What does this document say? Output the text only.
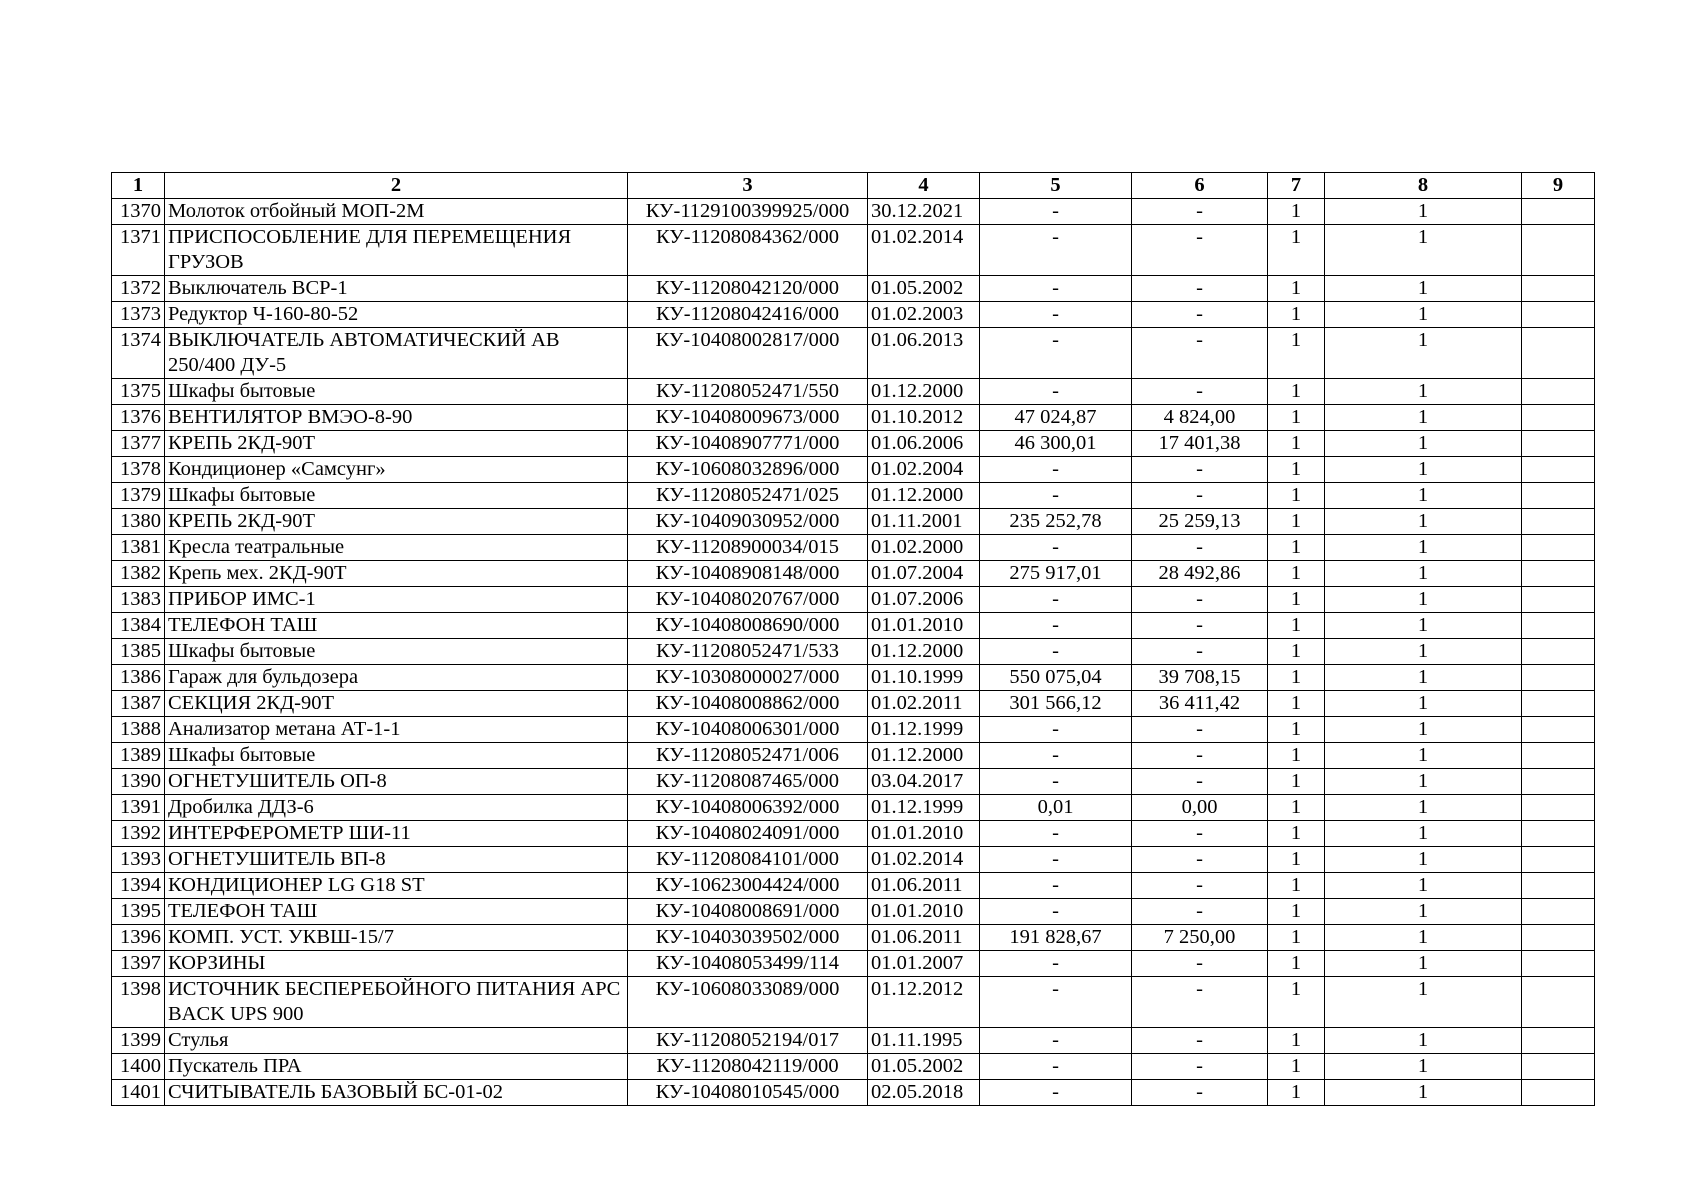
1	2	3	4	5	6	7	8	9
1370	Молоток отбойный МОП-2М	КУ-1129100399925/000	30.12.2021	-	-	1	1	
1371	ПРИСПОСОБЛЕНИЕ ДЛЯ ПЕРЕМЕЩЕНИЯ ГРУЗОВ	КУ-11208084362/000	01.02.2014	-	-	1	1	
1372	Выключатель ВСР-1	КУ-11208042120/000	01.05.2002	-	-	1	1	
1373	Редуктор Ч-160-80-52	КУ-11208042416/000	01.02.2003	-	-	1	1	
1374	ВЫКЛЮЧАТЕЛЬ АВТОМАТИЧЕСКИЙ АВ 250/400 ДУ-5	КУ-10408002817/000	01.06.2013	-	-	1	1	
1375	Шкафы бытовые	КУ-11208052471/550	01.12.2000	-	-	1	1	
1376	ВЕНТИЛЯТОР ВМЭО-8-90	КУ-10408009673/000	01.10.2012	47 024,87	4 824,00	1	1	
1377	КРЕПЬ 2КД-90Т	КУ-10408907771/000	01.06.2006	46 300,01	17 401,38	1	1	
1378	Кондиционер «Самсунг»	КУ-10608032896/000	01.02.2004	-	-	1	1	
1379	Шкафы бытовые	КУ-11208052471/025	01.12.2000	-	-	1	1	
1380	КРЕПЬ 2КД-90Т	КУ-10409030952/000	01.11.2001	235 252,78	25 259,13	1	1	
1381	Кресла театральные	КУ-11208900034/015	01.02.2000	-	-	1	1	
1382	Крепь мех. 2КД-90Т	КУ-10408908148/000	01.07.2004	275 917,01	28 492,86	1	1	
1383	ПРИБОР ИМС-1	КУ-10408020767/000	01.07.2006	-	-	1	1	
1384	ТЕЛЕФОН ТАШ	КУ-10408008690/000	01.01.2010	-	-	1	1	
1385	Шкафы бытовые	КУ-11208052471/533	01.12.2000	-	-	1	1	
1386	Гараж для бульдозера	КУ-10308000027/000	01.10.1999	550 075,04	39 708,15	1	1	
1387	СЕКЦИЯ 2КД-90Т	КУ-10408008862/000	01.02.2011	301 566,12	36 411,42	1	1	
1388	Анализатор метана АТ-1-1	КУ-10408006301/000	01.12.1999	-	-	1	1	
1389	Шкафы бытовые	КУ-11208052471/006	01.12.2000	-	-	1	1	
1390	ОГНЕТУШИТЕЛЬ ОП-8	КУ-11208087465/000	03.04.2017	-	-	1	1	
1391	Дробилка ДДЗ-6	КУ-10408006392/000	01.12.1999	0,01	0,00	1	1	
1392	ИНТЕРФЕРОМЕТР ШИ-11	КУ-10408024091/000	01.01.2010	-	-	1	1	
1393	ОГНЕТУШИТЕЛЬ ВП-8	КУ-11208084101/000	01.02.2014	-	-	1	1	
1394	КОНДИЦИОНЕР LG G18 ST	КУ-10623004424/000	01.06.2011	-	-	1	1	
1395	ТЕЛЕФОН ТАШ	КУ-10408008691/000	01.01.2010	-	-	1	1	
1396	КОМП. УСТ. УКВШ-15/7	КУ-10403039502/000	01.06.2011	191 828,67	7 250,00	1	1	
1397	КОРЗИНЫ	КУ-10408053499/114	01.01.2007	-	-	1	1	
1398	ИСТОЧНИК БЕСПЕРЕБОЙНОГО ПИТАНИЯ APC BACK UPS 900	КУ-10608033089/000	01.12.2012	-	-	1	1	
1399	Стулья	КУ-11208052194/017	01.11.1995	-	-	1	1	
1400	Пускатель ПРА	КУ-11208042119/000	01.05.2002	-	-	1	1	
1401	СЧИТЫВАТЕЛЬ БАЗОВЫЙ БС-01-02	КУ-10408010545/000	02.05.2018	-	-	1	1	
